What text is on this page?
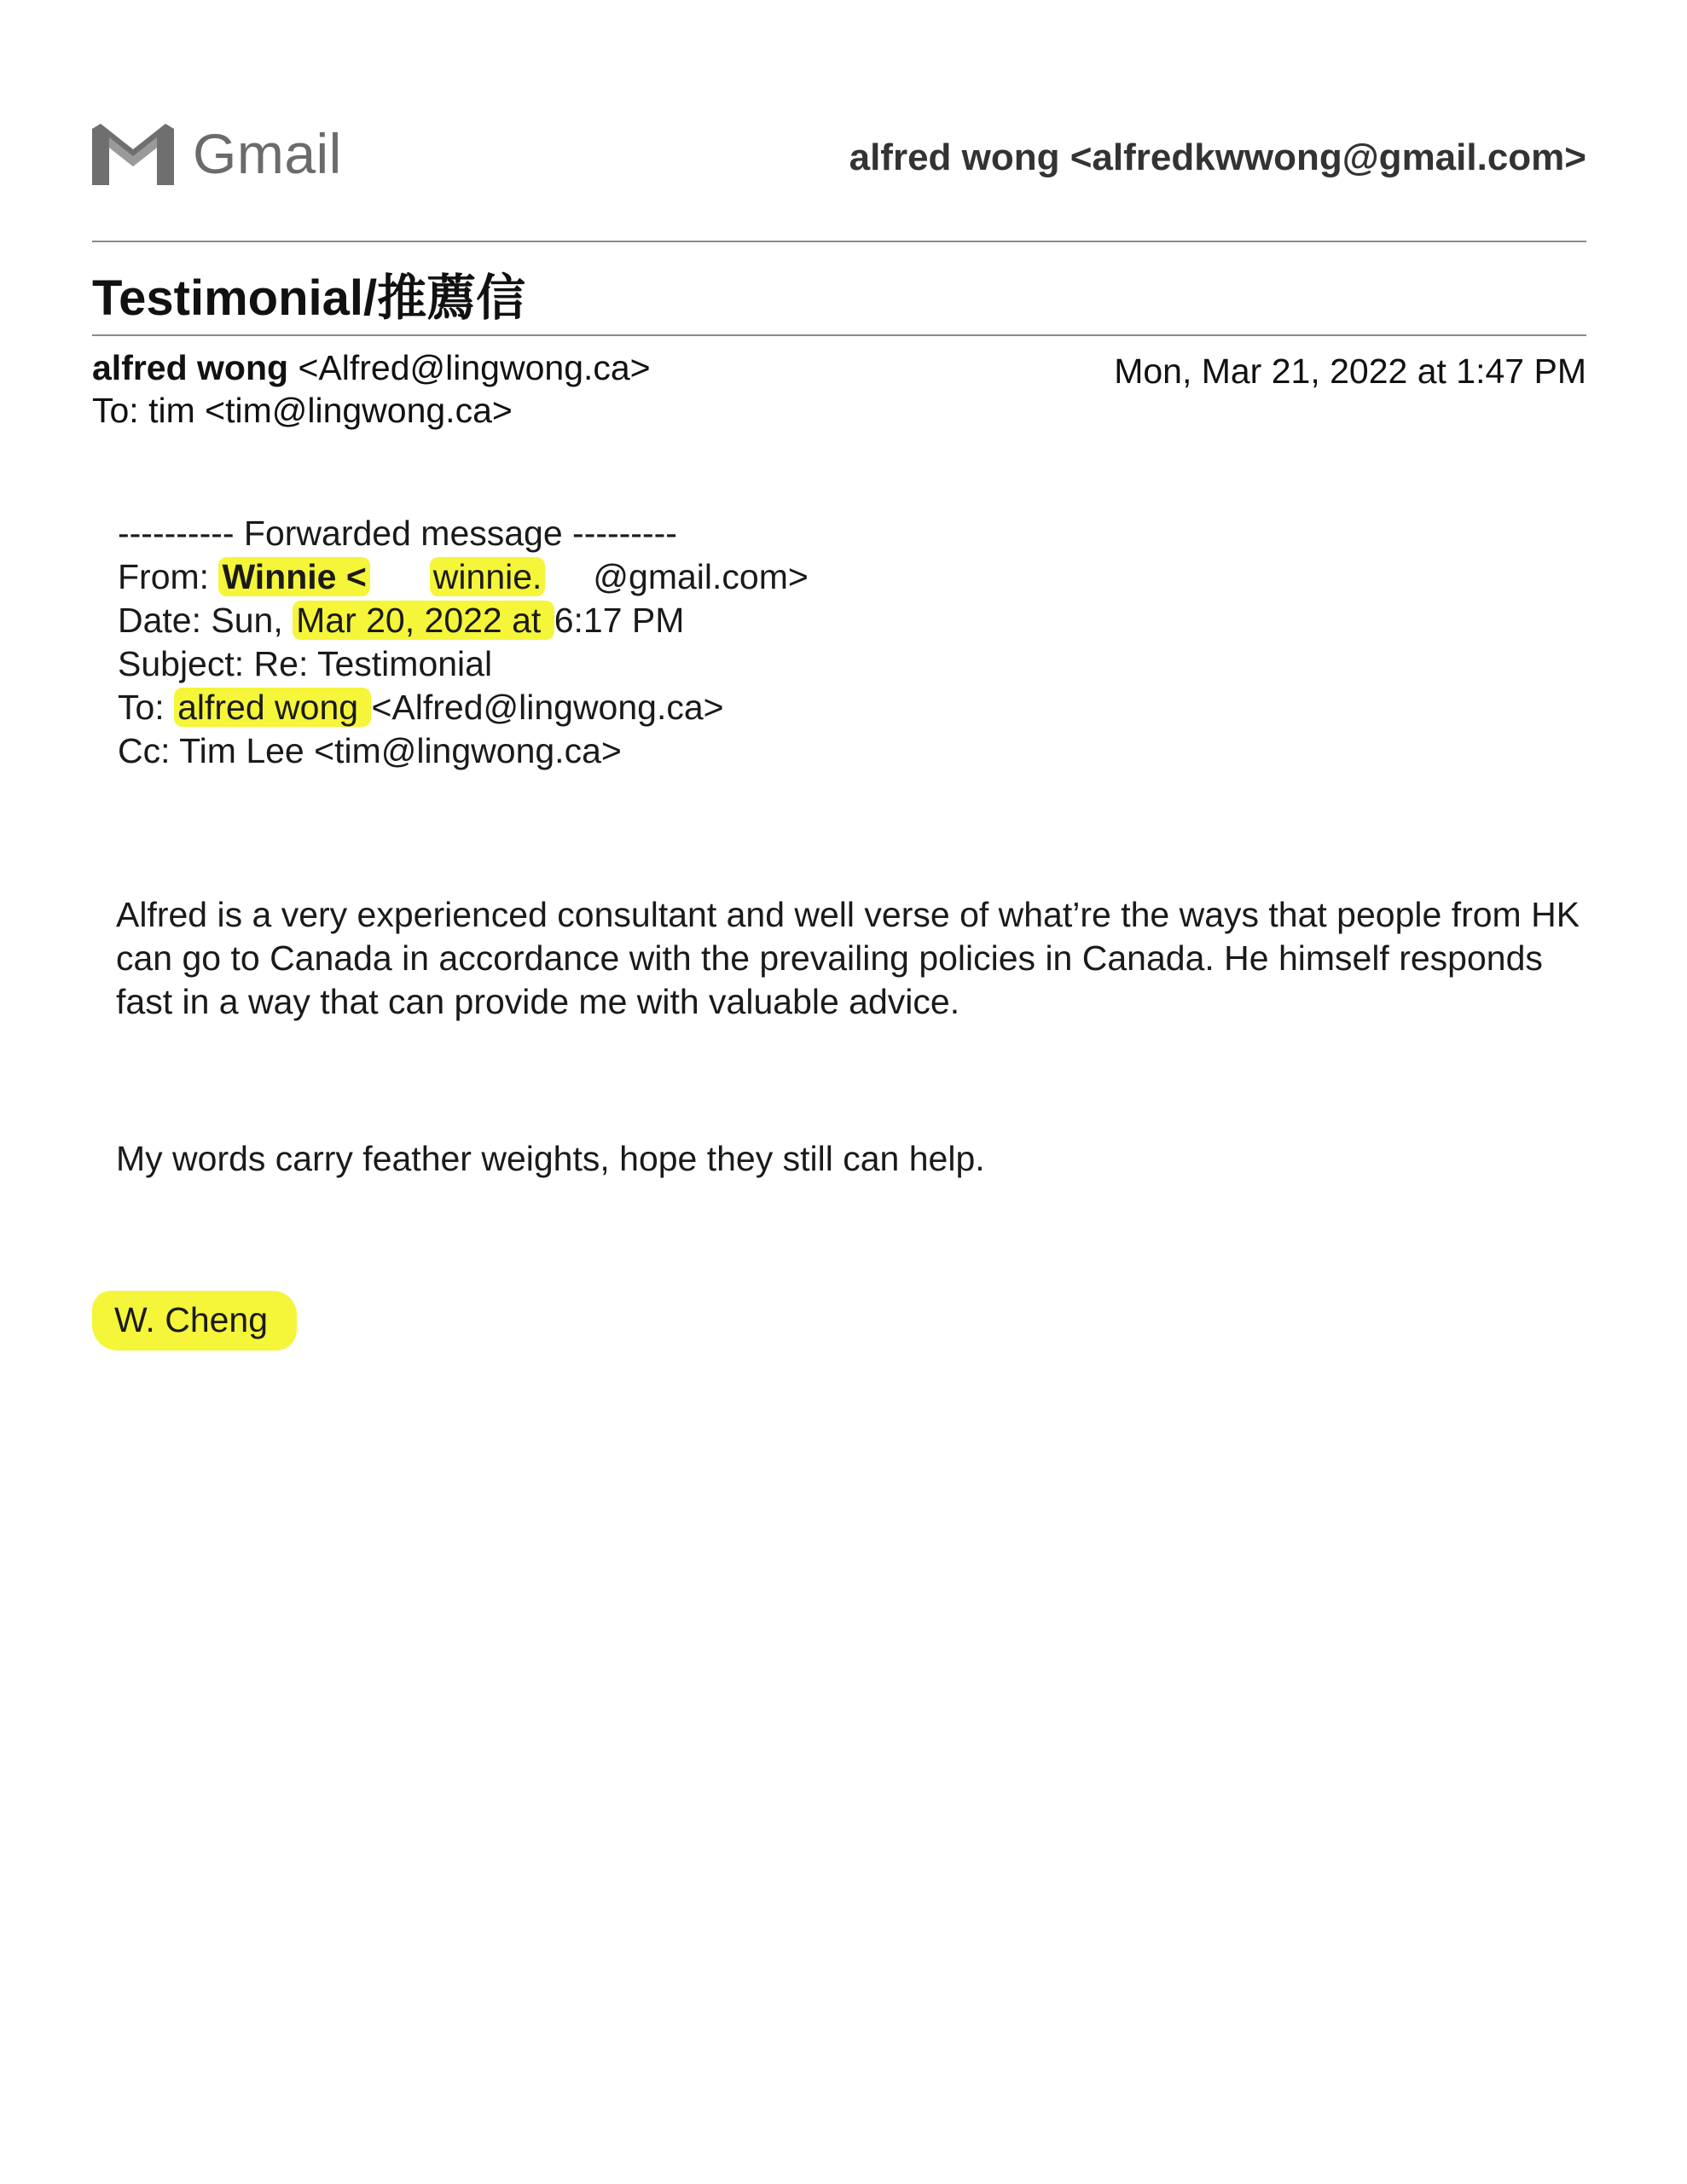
Gmail	alfred wong <alfredkwwong@gmail.com>
Testimonial/推薦信
alfred wong <Alfred@lingwong.ca>
To: tim <tim@lingwong.ca>
Mon, Mar 21, 2022 at 1:47 PM
---------- Forwarded message ---------
From: Winnie < winnie. @gmail.com>
Date: Sun, Mar 20, 2022 at 6:17 PM
Subject: Re: Testimonial
To: alfred wong <Alfred@lingwong.ca>
Cc: Tim Lee <tim@lingwong.ca>
Alfred is a very experienced consultant and well verse of what’re the ways that people from HK can go to Canada in accordance with the prevailing policies in Canada. He himself responds fast in a way that can provide me with valuable advice.
My words carry feather weights, hope they still can help.
W. Cheng
